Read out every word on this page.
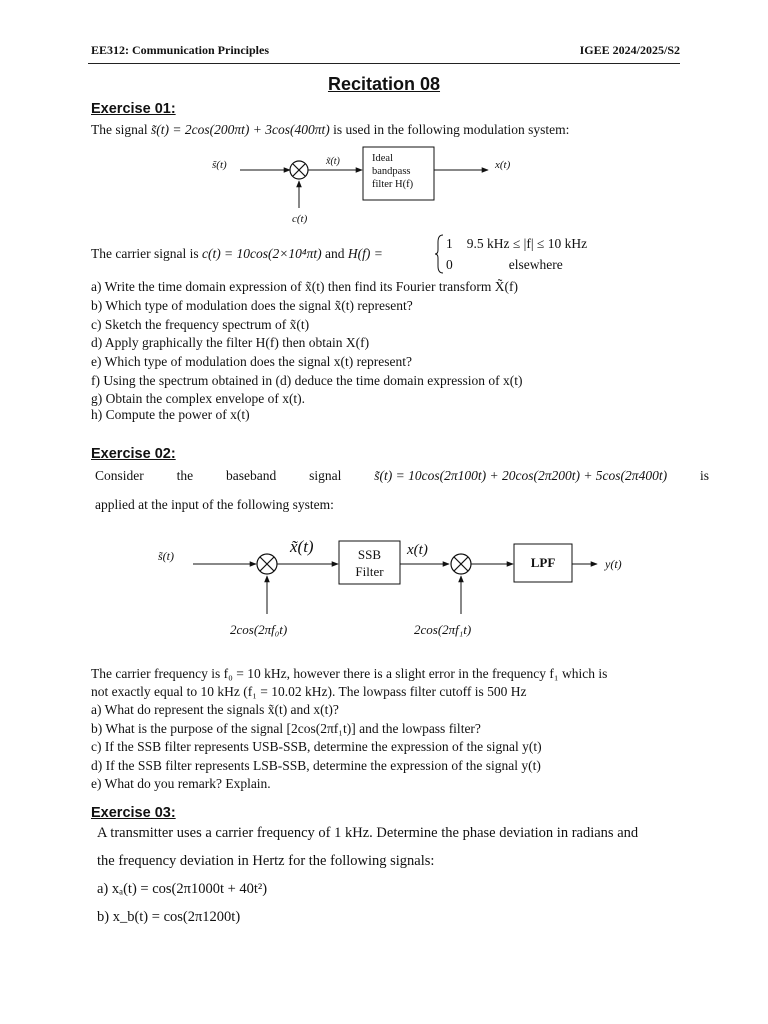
EE312: Communication Principles	IGEE 2024/2025/S2
Recitation 08
Exercise 01:
The signal s̃(t) = 2cos(200πt) + 3cos(400πt) is used in the following modulation system:
s̃(t)
c(t)
x̃(t)	Ideal
bandpass
filter H(f)
x(t)
The carrier signal is c(t) = 10cos(2×10⁴πt) and H(f) =
1 9.5 kHz ≤ |f| ≤ 10 kHz
0	elsewhere
a) Write the time domain expression of x̃(t) then find its Fourier transform X̃(f)
b) Which type of modulation does the signal x̃(t) represent?
c) Sketch the frequency spectrum of x̃(t)
d) Apply graphically the filter H(f) then obtain X(f)
e) Which type of modulation does the signal x(t) represent?
f) Using the spectrum obtained in (d) deduce the time domain expression of x(t)
g) Obtain the complex envelope of x(t).
h) Compute the power of x(t)
Exercise 02:
Consider the baseband signal s̃(t) = 10cos(2π100t) + 20cos(2π200t) + 5cos(2π400t) is
applied at the input of the following system:
s̃(t)
2cos(2πf₀t)
x̃(t)	SSB
Filter
x(t)
2cos(2πf₁t)
LPF	y(t)
The carrier frequency is f₀ = 10 kHz, however there is a slight error in the frequency f₁ which is
not exactly equal to 10 kHz (f₁ = 10.02 kHz). The lowpass filter cutoff is 500 Hz
a) What do represent the signals x̃(t) and x(t)?
b) What is the purpose of the signal [2cos(2πf₁t)] and the lowpass filter?
c) If the SSB filter represents USB-SSB, determine the expression of the signal y(t)
d) If the SSB filter represents LSB-SSB, determine the expression of the signal y(t)
e) What do you remark? Explain.
Exercise 03:
A transmitter uses a carrier frequency of 1 kHz. Determine the phase deviation in radians and
the frequency deviation in Hertz for the following signals:
a) xₐ(t) = cos(2π1000t + 40t²)
b) x_b(t) = cos(2π1200t)
